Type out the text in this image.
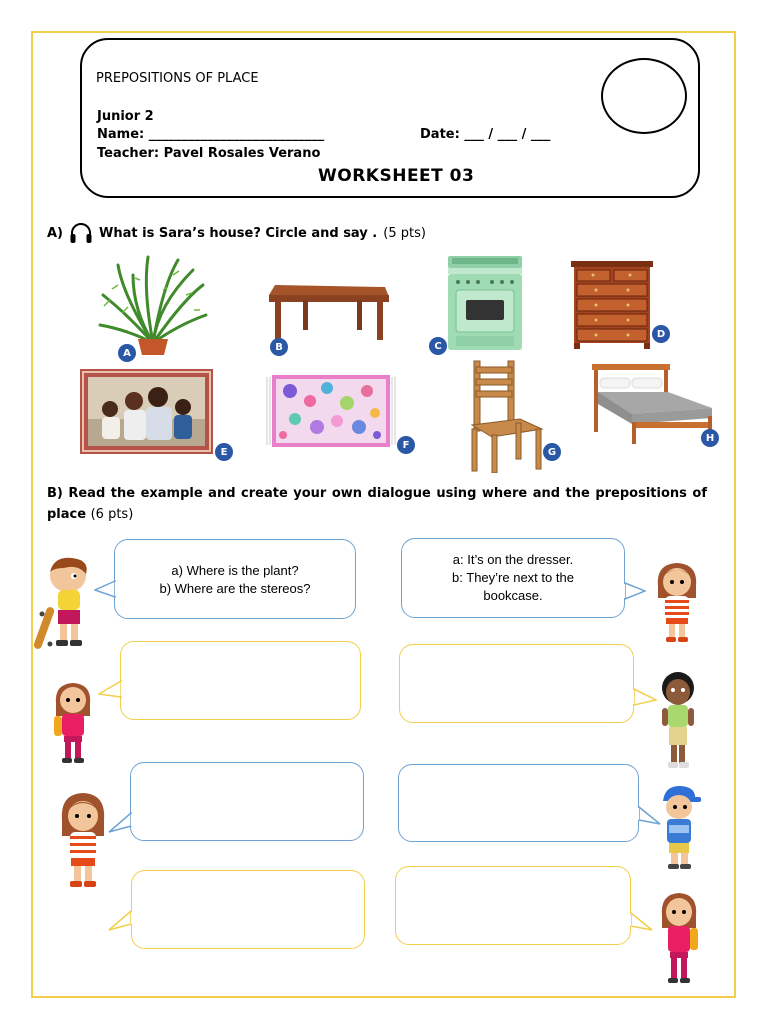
PREPOSITIONS OF PLACE
Junior 2
Name: ___________________________	Date: ___ / ___ / ___
Teacher: Pavel Rosales Verano
WORKSHEET 03
A)	What is Sara’s house? Circle and say . (5 pts)
A
B	C
D
E
F
G
H
B) Read the example and create your own dialogue using where and the prepositions of place (6 pts)
a) Where is the plant?
b) Where are the stereos?
a: It’s on the dresser.
b: They’re next to the
bookcase.
